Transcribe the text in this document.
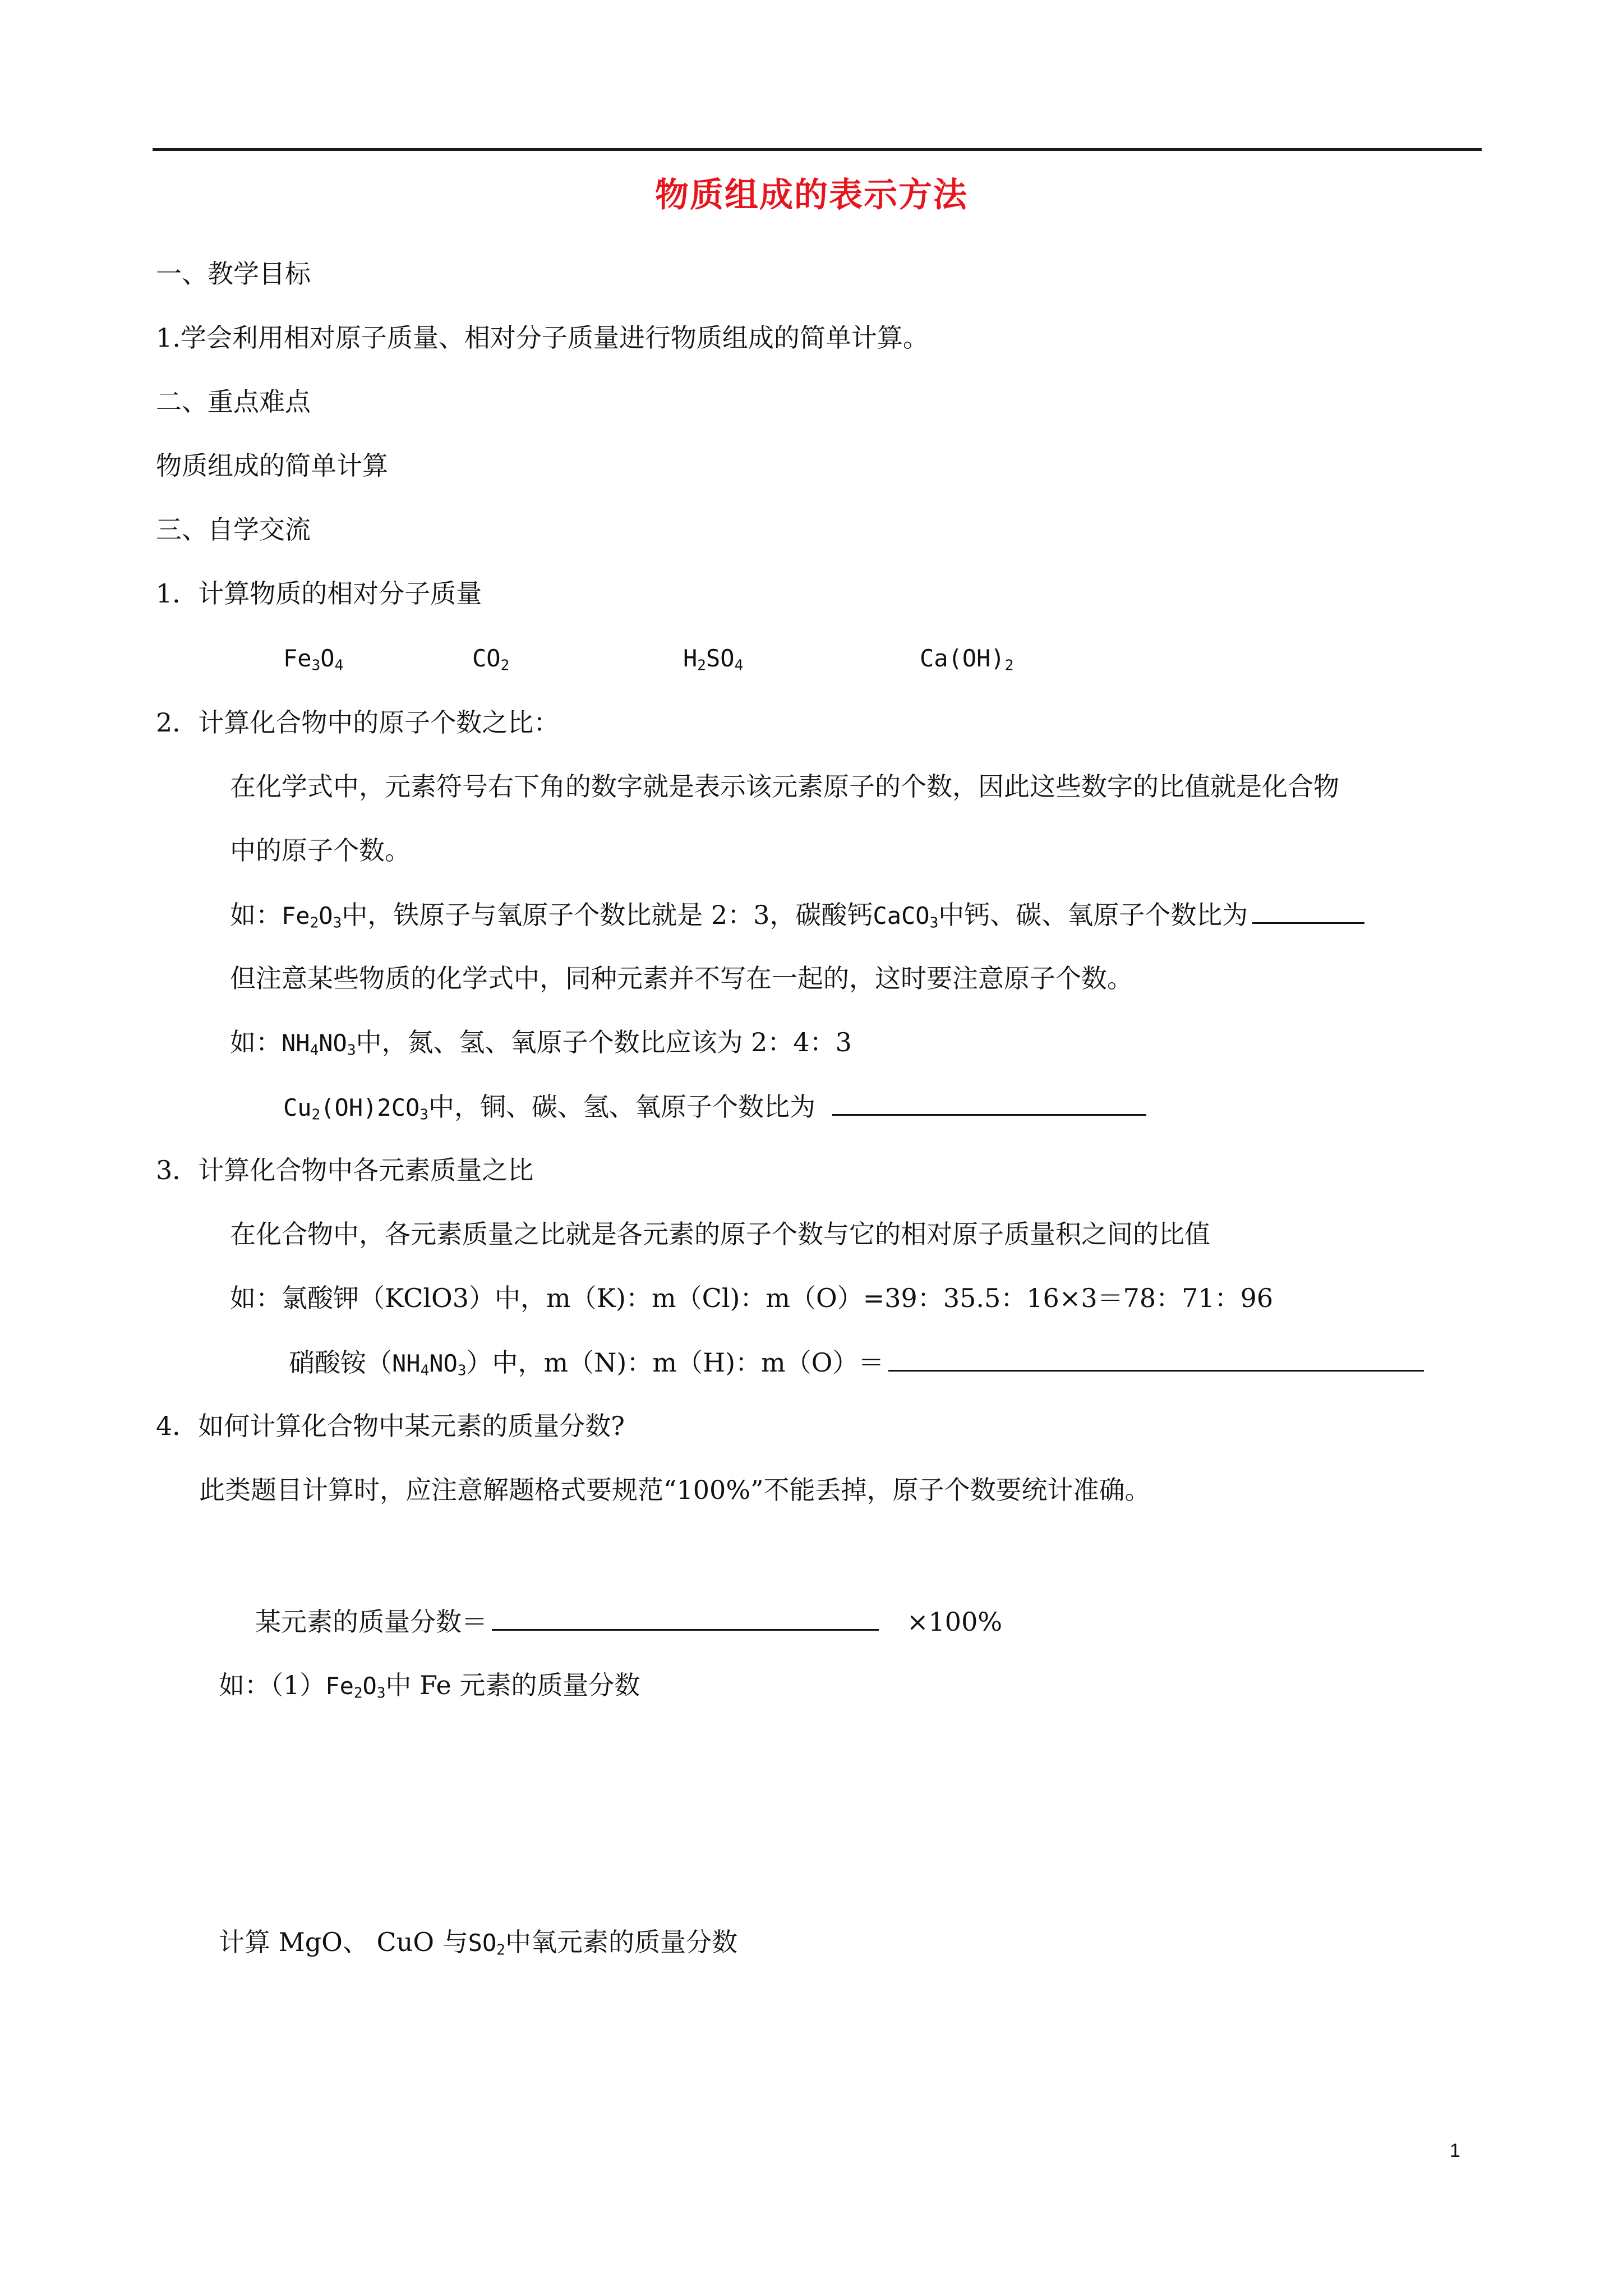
物质组成的表示方法
一、教学目标
1.学会利用相对原子质量、相对分子质量进行物质组成的简单计算。
二、重点难点
物质组成的简单计算
三、自学交流
1．计算物质的相对分子质量
$Fe_3O_4$	$CO_2$	$H_2SO_4$	$Ca(OH)_2$
2．计算化合物中的原子个数之比：
在化学式中，元素符号右下角的数字就是表示该元素原子的个数，因此这些数字的比值就是化合物
中的原子个数。
如：$Fe_2O_3$中，铁原子与氧原子个数比就是 2：3，碳酸钙CaCO$_3$中钙、碳、氧原子个数比为
但注意某些物质的化学式中，同种元素并不写在一起的，这时要注意原子个数。
如：$NH_4NO_3$中，氮、氢、氧原子个数比应该为 2：4：3
$Cu_2(OH)2CO_3$中，铜、碳、氢、氧原子个数比为
3．计算化合物中各元素质量之比
在化合物中，各元素质量之比就是各元素的原子个数与它的相对原子质量积之间的比值
如：氯酸钾（KClO3）中，m（K)：m（Cl)：m（O）=39：35.5：16×3＝78：71：96
硝酸铵$(NH_4NO_3)$中，m（N)：m（H)：m（O）＝
4．如何计算化合物中某元素的质量分数?
此类题目计算时，应注意解题格式要规范“100%”不能丢掉，原子个数要统计准确。
某元素的质量分数＝	×100%
如：$(1)Fe_2O_3$中 Fe 元素的质量分数
计算 MgO、 CuO 与$SO_2$中氧元素的质量分数
1
